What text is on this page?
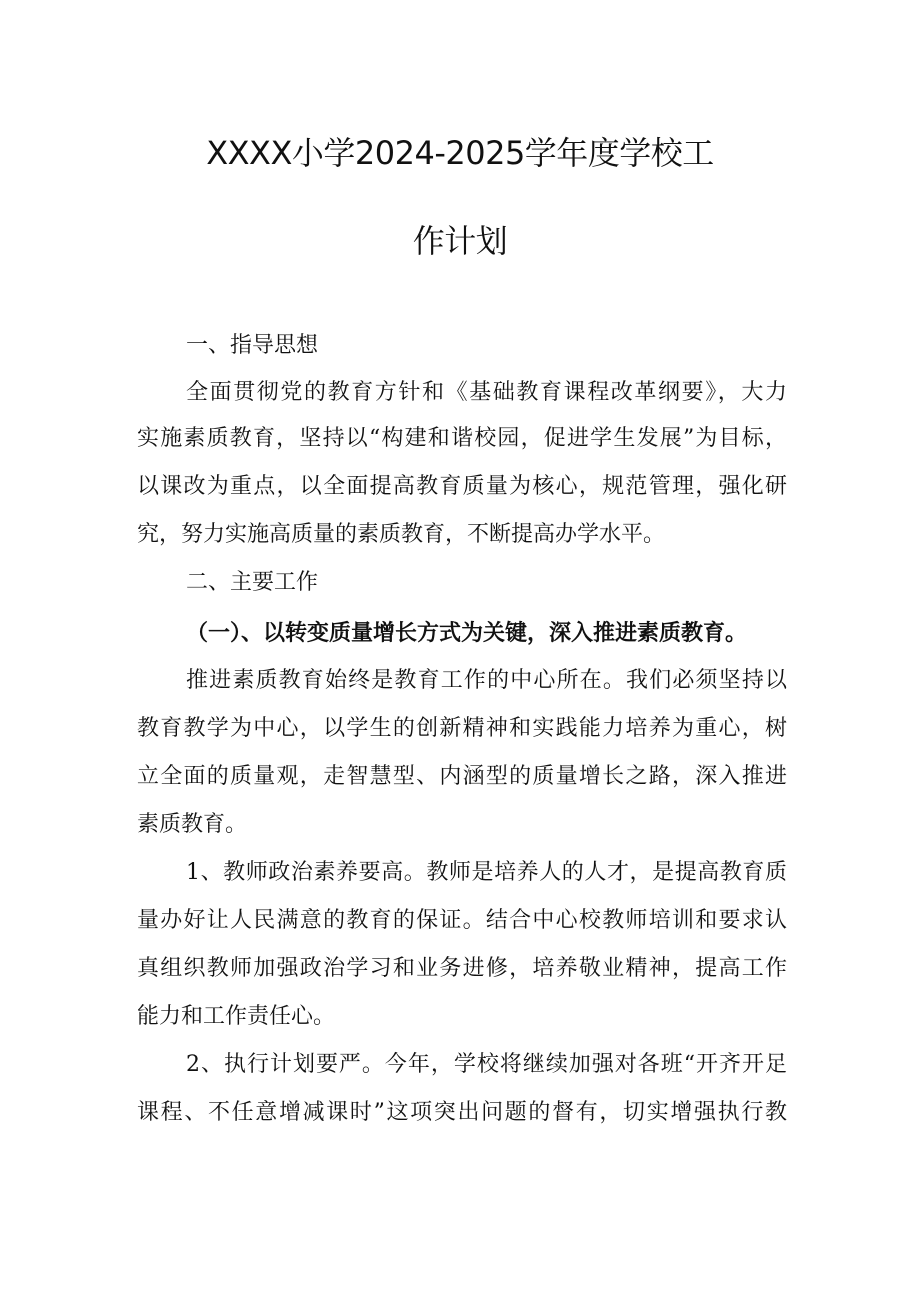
XXXX小学2024-2025学年度学校工
作计划
一、指导思想
全面贯彻党的教育方针和《基础教育课程改革纲要》，大力
实施素质教育，坚持以“构建和谐校园，促进学生发展”为目标，
以课改为重点，以全面提高教育质量为核心，规范管理，强化研
究，努力实施高质量的素质教育，不断提高办学水平。
二、主要工作
（一）、以转变质量增长方式为关键，深入推进素质教育。
推进素质教育始终是教育工作的中心所在。我们必须坚持以
教育教学为中心，以学生的创新精神和实践能力培养为重心，树
立全面的质量观，走智慧型、内涵型的质量增长之路，深入推进
素质教育。
1、教师政治素养要高。教师是培养人的人才，是提高教育质
量办好让人民满意的教育的保证。结合中心校教师培训和要求认
真组织教师加强政治学习和业务进修，培养敬业精神，提高工作
能力和工作责任心。
2、执行计划要严。今年，学校将继续加强对各班“开齐开足
课程、不任意增减课时”这项突出问题的督有，切实增强执行教
